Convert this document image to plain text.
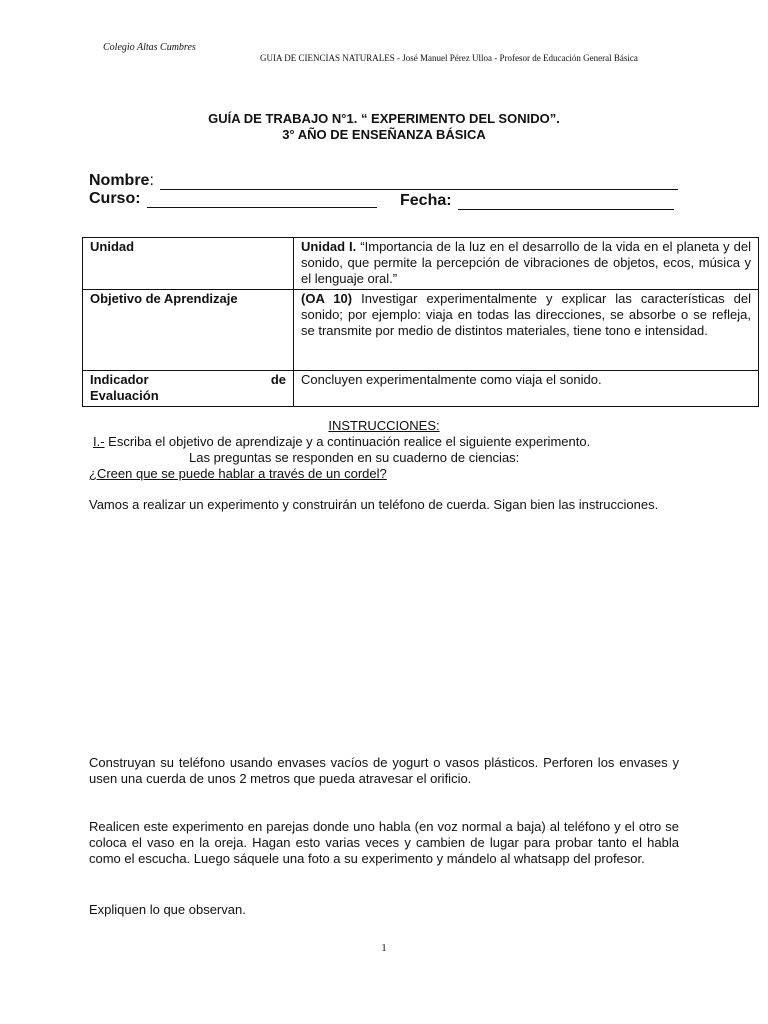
Colegio Altas Cumbres
GUIA DE CIENCIAS NATURALES - José Manuel Pérez Ulloa - Profesor de Educación General Básica
GUÍA DE TRABAJO N°1. “ EXPERIMENTO DEL SONIDO”.
3° AÑO DE ENSEÑANZA BÁSICA
Nombre :
Curso:	Fecha:
Unidad	Unidad I. “Importancia de la luz en el desarrollo de la vida en el planeta y del sonido, que permite la percepción de vibraciones de objetos, ecos, música y el lenguaje oral.”
Objetivo de Aprendizaje	(OA 10) Investigar experimentalmente y explicar las características del sonido; por ejemplo: viaja en todas las direcciones, se absorbe o se refleja, se transmite por medio de distintos materiales, tiene tono e intensidad.

Indicador de
Evaluación	Concluyen experimentalmente como viaja el sonido.
INSTRUCCIONES:
I.- Escriba el objetivo de aprendizaje y a continuación realice el siguiente experimento.
Las preguntas se responden en su cuaderno de ciencias:
¿Creen que se puede hablar a través de un cordel?
Vamos a realizar un experimento y construirán un teléfono de cuerda. Sigan bien las instrucciones.
Construyan su teléfono usando envases vacíos de yogurt o vasos plásticos. Perforen los envases y usen una cuerda de unos 2 metros que pueda atravesar el orificio.
Realicen este experimento en parejas donde uno habla (en voz normal a baja) al teléfono y el otro se coloca el vaso en la oreja. Hagan esto varias veces y cambien de lugar para probar tanto el habla como el escucha. Luego sáquele una foto a su experimento y mándelo al whatsapp del profesor.
Expliquen lo que observan.
1
